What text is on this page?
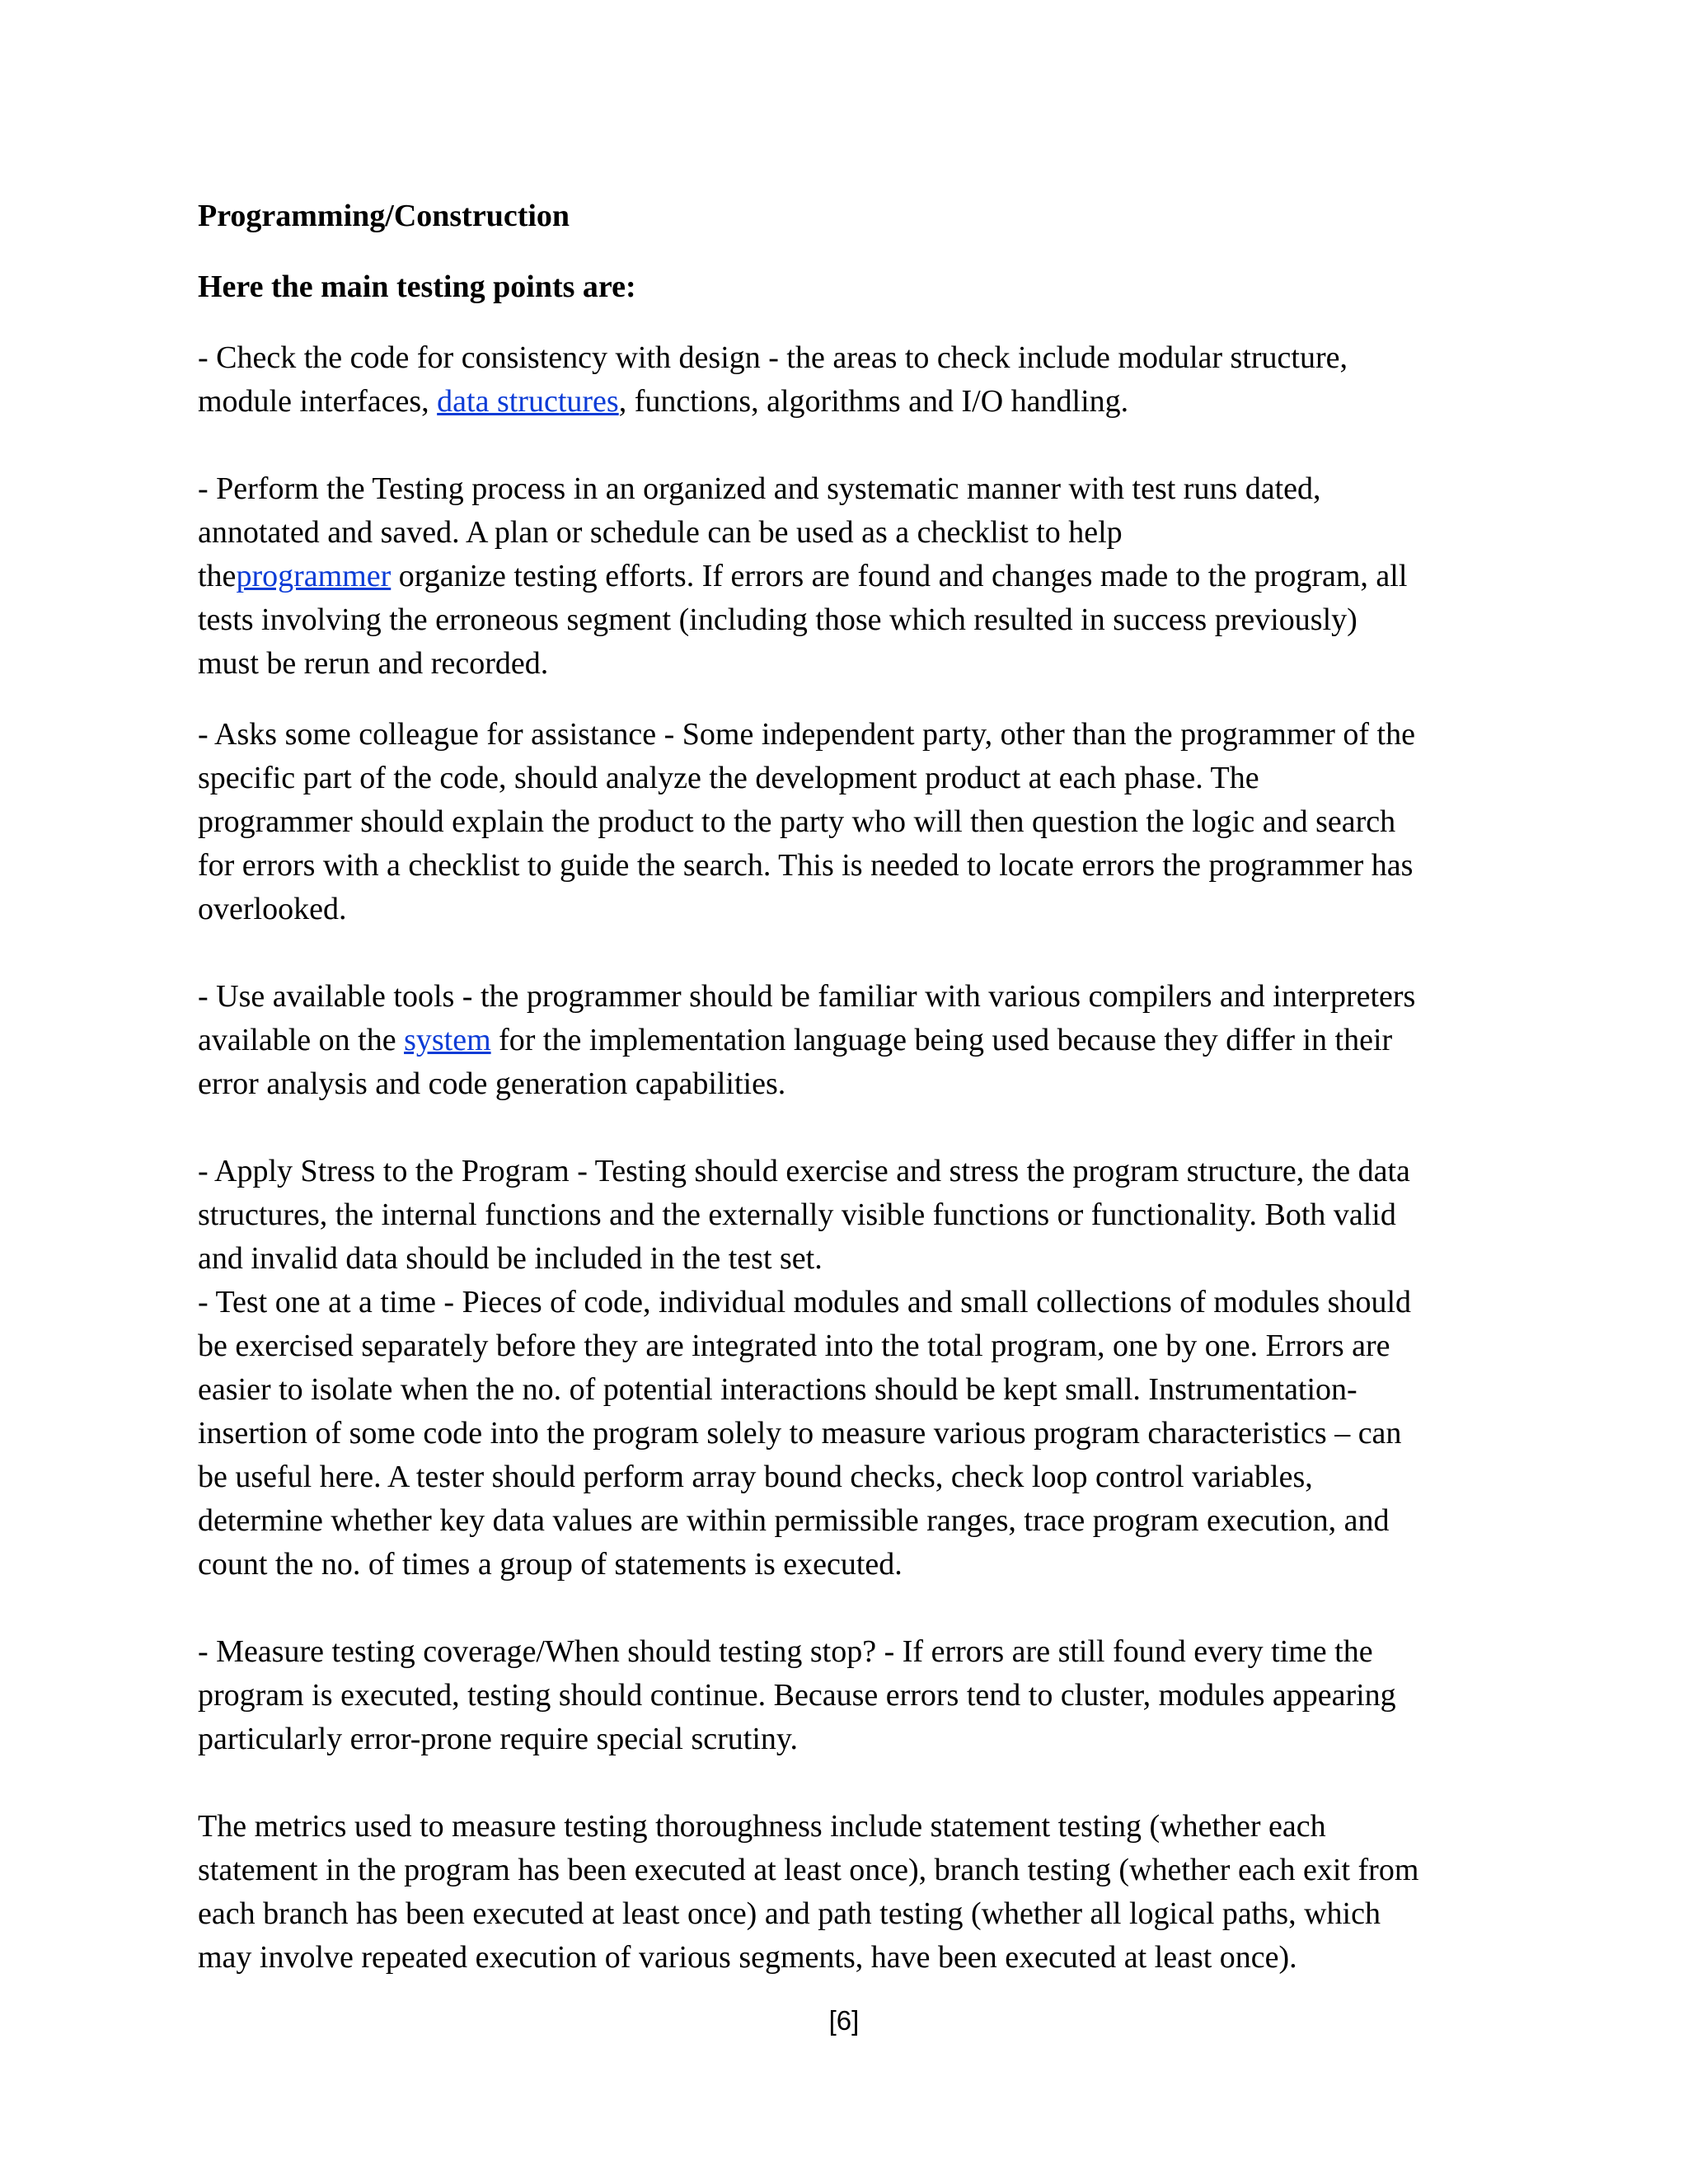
Programming/Construction

Here the main testing points are:

- Check the code for consistency with design - the areas to check include modular structure,
module interfaces, data structures, functions, algorithms and I/O handling.

- Perform the Testing process in an organized and systematic manner with test runs dated,
annotated and saved. A plan or schedule can be used as a checklist to help
theprogrammer organize testing efforts. If errors are found and changes made to the program, all
tests involving the erroneous segment (including those which resulted in success previously)
must be rerun and recorded.

- Asks some colleague for assistance - Some independent party, other than the programmer of the
specific part of the code, should analyze the development product at each phase. The
programmer should explain the product to the party who will then question the logic and search
for errors with a checklist to guide the search. This is needed to locate errors the programmer has
overlooked.

- Use available tools - the programmer should be familiar with various compilers and interpreters
available on the system for the implementation language being used because they differ in their
error analysis and code generation capabilities.

- Apply Stress to the Program - Testing should exercise and stress the program structure, the data
structures, the internal functions and the externally visible functions or functionality. Both valid
and invalid data should be included in the test set.

- Test one at a time - Pieces of code, individual modules and small collections of modules should
be exercised separately before they are integrated into the total program, one by one. Errors are
easier to isolate when the no. of potential interactions should be kept small. Instrumentation-
insertion of some code into the program solely to measure various program characteristics – can
be useful here. A tester should perform array bound checks, check loop control variables,
determine whether key data values are within permissible ranges, trace program execution, and
count the no. of times a group of statements is executed.

- Measure testing coverage/When should testing stop? - If errors are still found every time the
program is executed, testing should continue. Because errors tend to cluster, modules appearing
particularly error-prone require special scrutiny.

The metrics used to measure testing thoroughness include statement testing (whether each
statement in the program has been executed at least once), branch testing (whether each exit from
each branch has been executed at least once) and path testing (whether all logical paths, which
may involve repeated execution of various segments, have been executed at least once).

[6]
